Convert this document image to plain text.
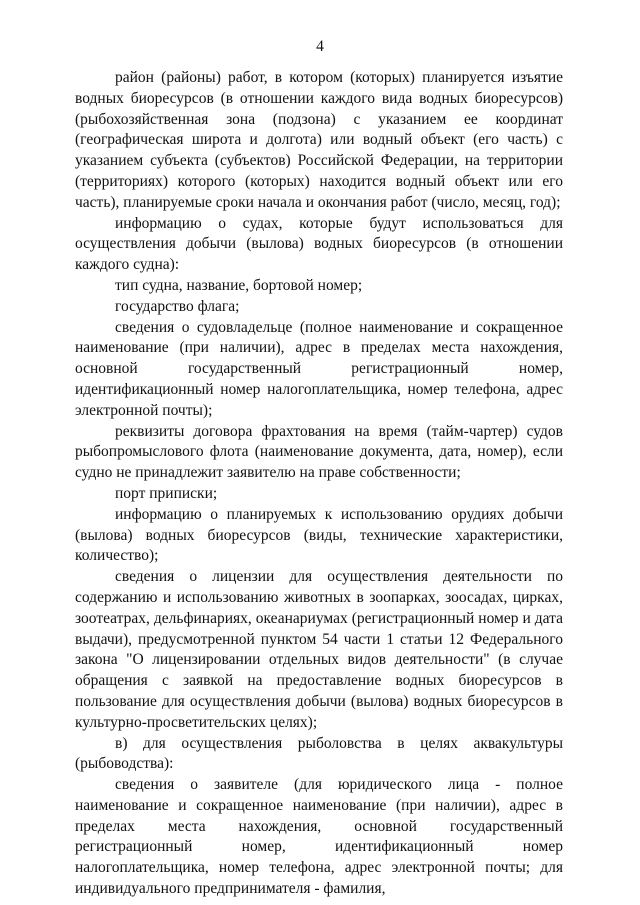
4

район (районы) работ, в котором (которых) планируется изъятие водных биоресурсов (в отношении каждого вида водных биоресурсов) (рыбохозяйственная зона (подзона) с указанием ее координат (географическая широта и долгота) или водный объект (его часть) с указанием субъекта (субъектов) Российской Федерации, на территории (территориях) которого (которых) находится водный объект или его часть), планируемые сроки начала и окончания работ (число, месяц, год);

информацию о судах, которые будут использоваться для осуществления добычи (вылова) водных биоресурсов (в отношении каждого судна):

тип судна, название, бортовой номер;

государство флага;

сведения о судовладельце (полное наименование и сокращенное наименование (при наличии), адрес в пределах места нахождения, основной государственный регистрационный номер, идентификационный номер налогоплательщика, номер телефона, адрес электронной почты);

реквизиты договора фрахтования на время (тайм-чартер) судов рыбопромыслового флота (наименование документа, дата, номер), если судно не принадлежит заявителю на праве собственности;

порт приписки;

информацию о планируемых к использованию орудиях добычи (вылова) водных биоресурсов (виды, технические характеристики, количество);

сведения о лицензии для осуществления деятельности по содержанию и использованию животных в зоопарках, зоосадах, цирках, зоотеатрах, дельфинариях, океанариумах (регистрационный номер и дата выдачи), предусмотренной пунктом 54 части 1 статьи 12 Федерального закона "О лицензировании отдельных видов деятельности" (в случае обращения с заявкой на предоставление водных биоресурсов в пользование для осуществления добычи (вылова) водных биоресурсов в культурно-просветительских целях);

в) для осуществления рыболовства в целях аквакультуры (рыбоводства):

сведения о заявителе (для юридического лица - полное наименование и сокращенное наименование (при наличии), адрес в пределах места нахождения, основной государственный регистрационный номер, идентификационный номер налогоплательщика, номер телефона, адрес электронной почты; для индивидуального предпринимателя - фамилия,
